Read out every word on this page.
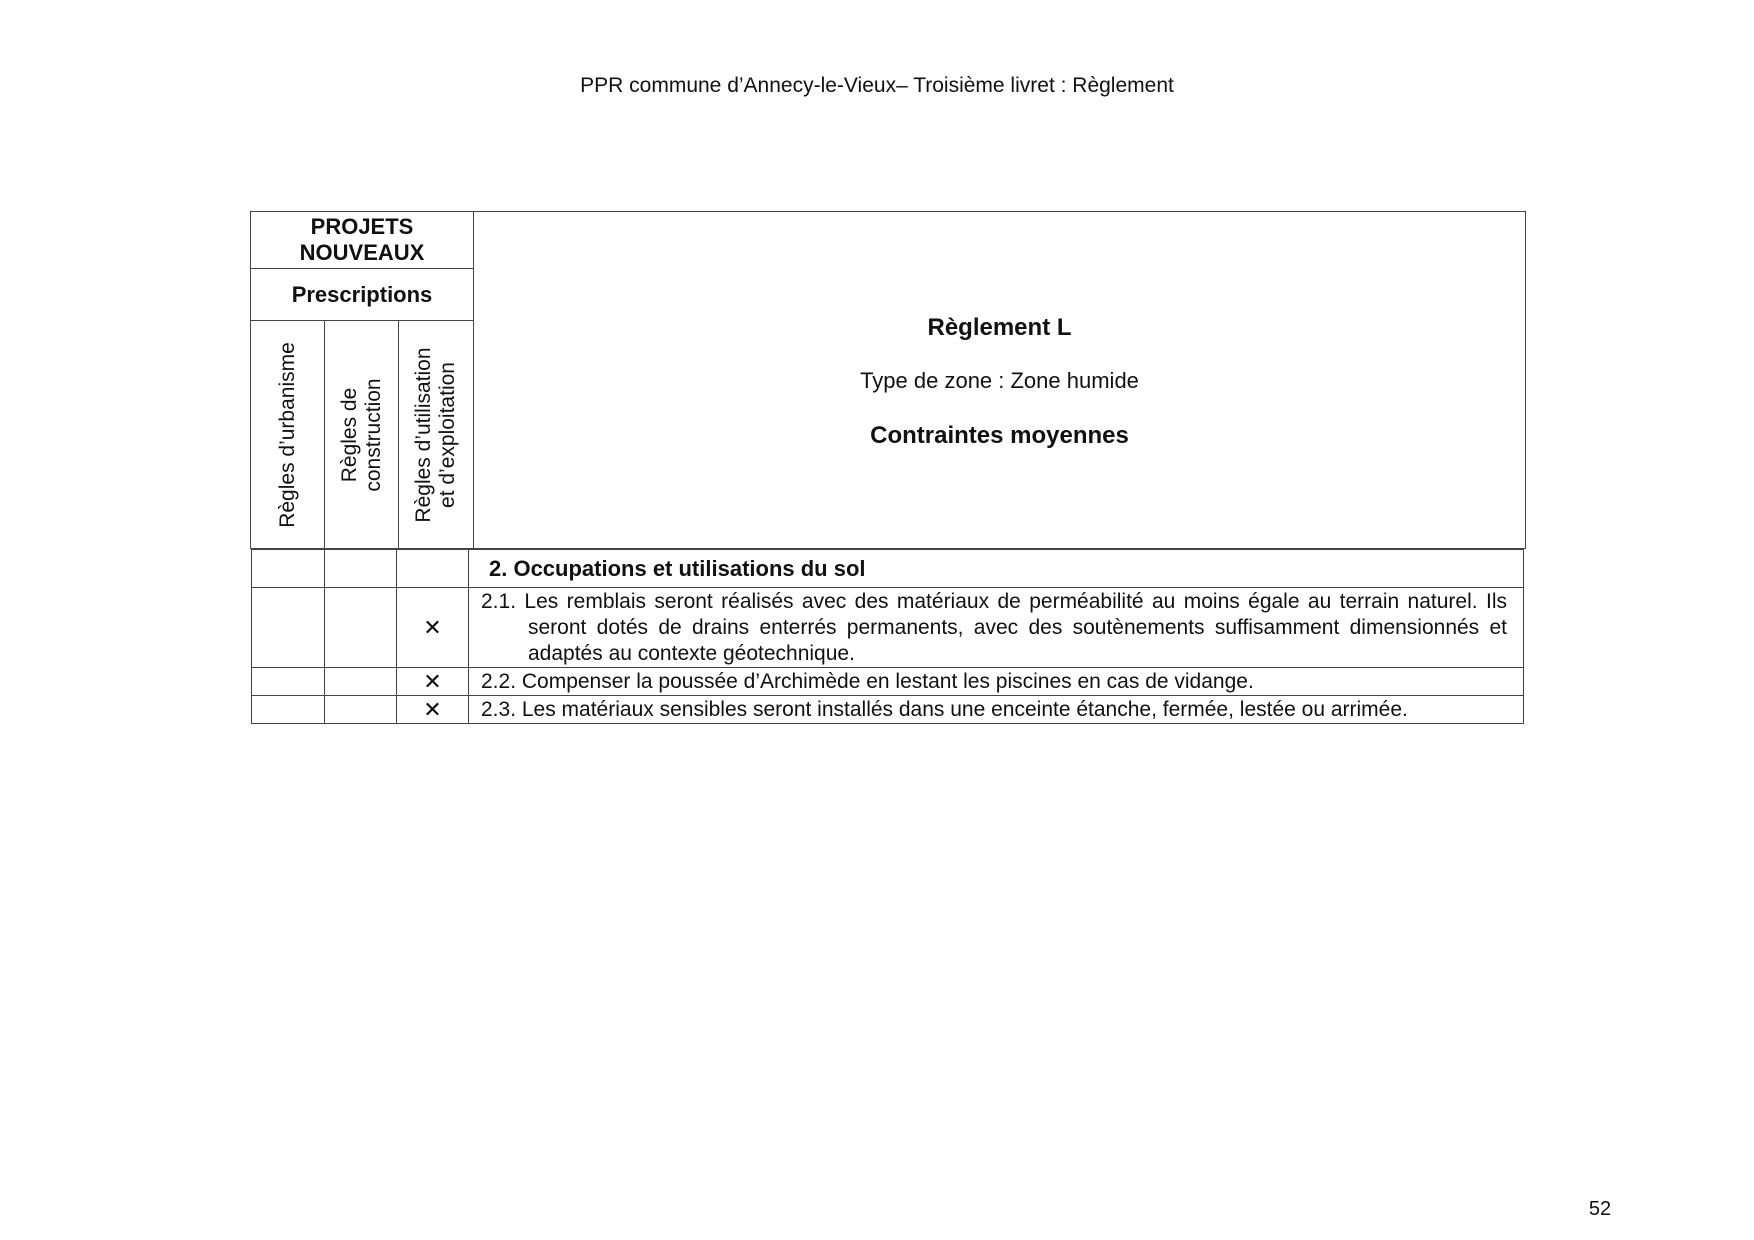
PPR commune d’Annecy-le-Vieux– Troisième livret : Règlement
PROJETS NOUVEAUX
Prescriptions
Règles d’urbanisme Règles de construction Règles d’utilisation et d’exploitation
Règlement L
Type de zone : Zone humide
Contraintes moyennes
			2. Occupations et utilisations du sol
		✕	2.1. Les remblais seront réalisés avec des matériaux de perméabilité au moins égale au terrain naturel. Ils seront dotés de drains enterrés permanents, avec des soutènements suffisamment dimensionnés et adaptés au contexte géotechnique.

		✕	2.2. Compenser la poussée d’Archimède en lestant les piscines en cas de vidange.
		✕	2.3. Les matériaux sensibles seront installés dans une enceinte étanche, fermée, lestée ou arrimée.
52
